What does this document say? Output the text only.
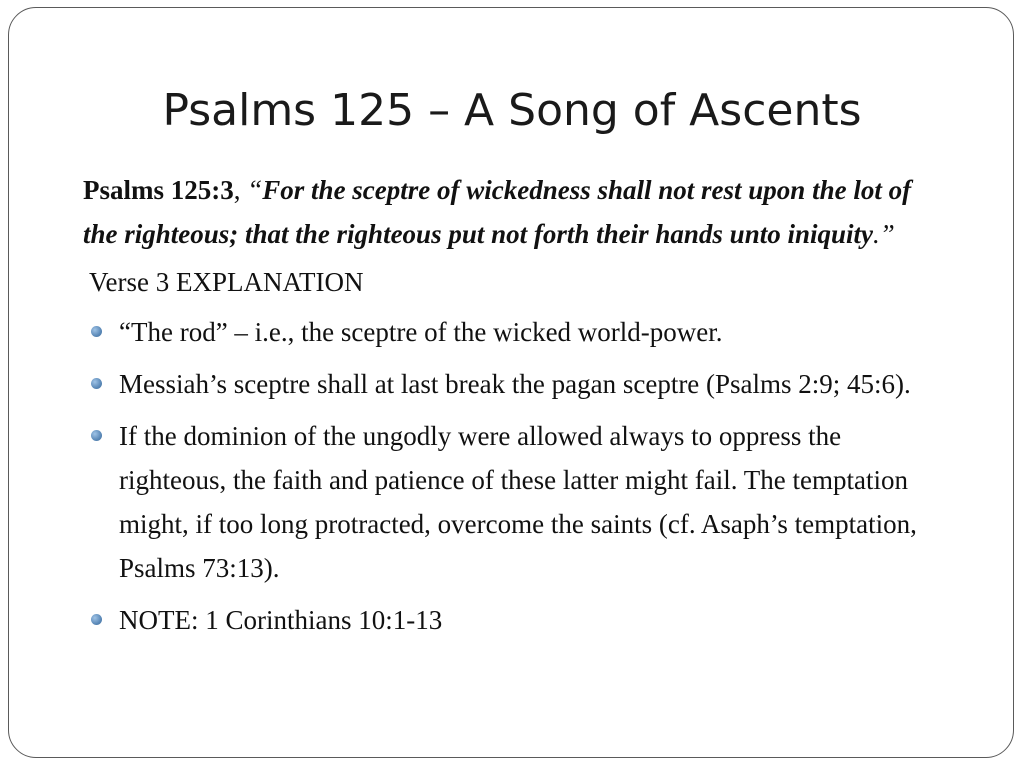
Psalms 125 – A Song of Ascents

Psalms 125:3, “For the sceptre of wickedness shall not rest upon the lot of the righteous; that the righteous put not forth their hands unto iniquity.”

Verse 3 EXPLANATION

“The rod” – i.e., the sceptre of the wicked world-power.
Messiah’s sceptre shall at last break the pagan sceptre (Psalms 2:9; 45:6).
If the dominion of the ungodly were allowed always to oppress the righteous, the faith and patience of these latter might fail. The temptation might, if too long protracted, overcome the saints (cf. Asaph’s temptation, Psalms 73:13).
NOTE: 1 Corinthians 10:1-13
